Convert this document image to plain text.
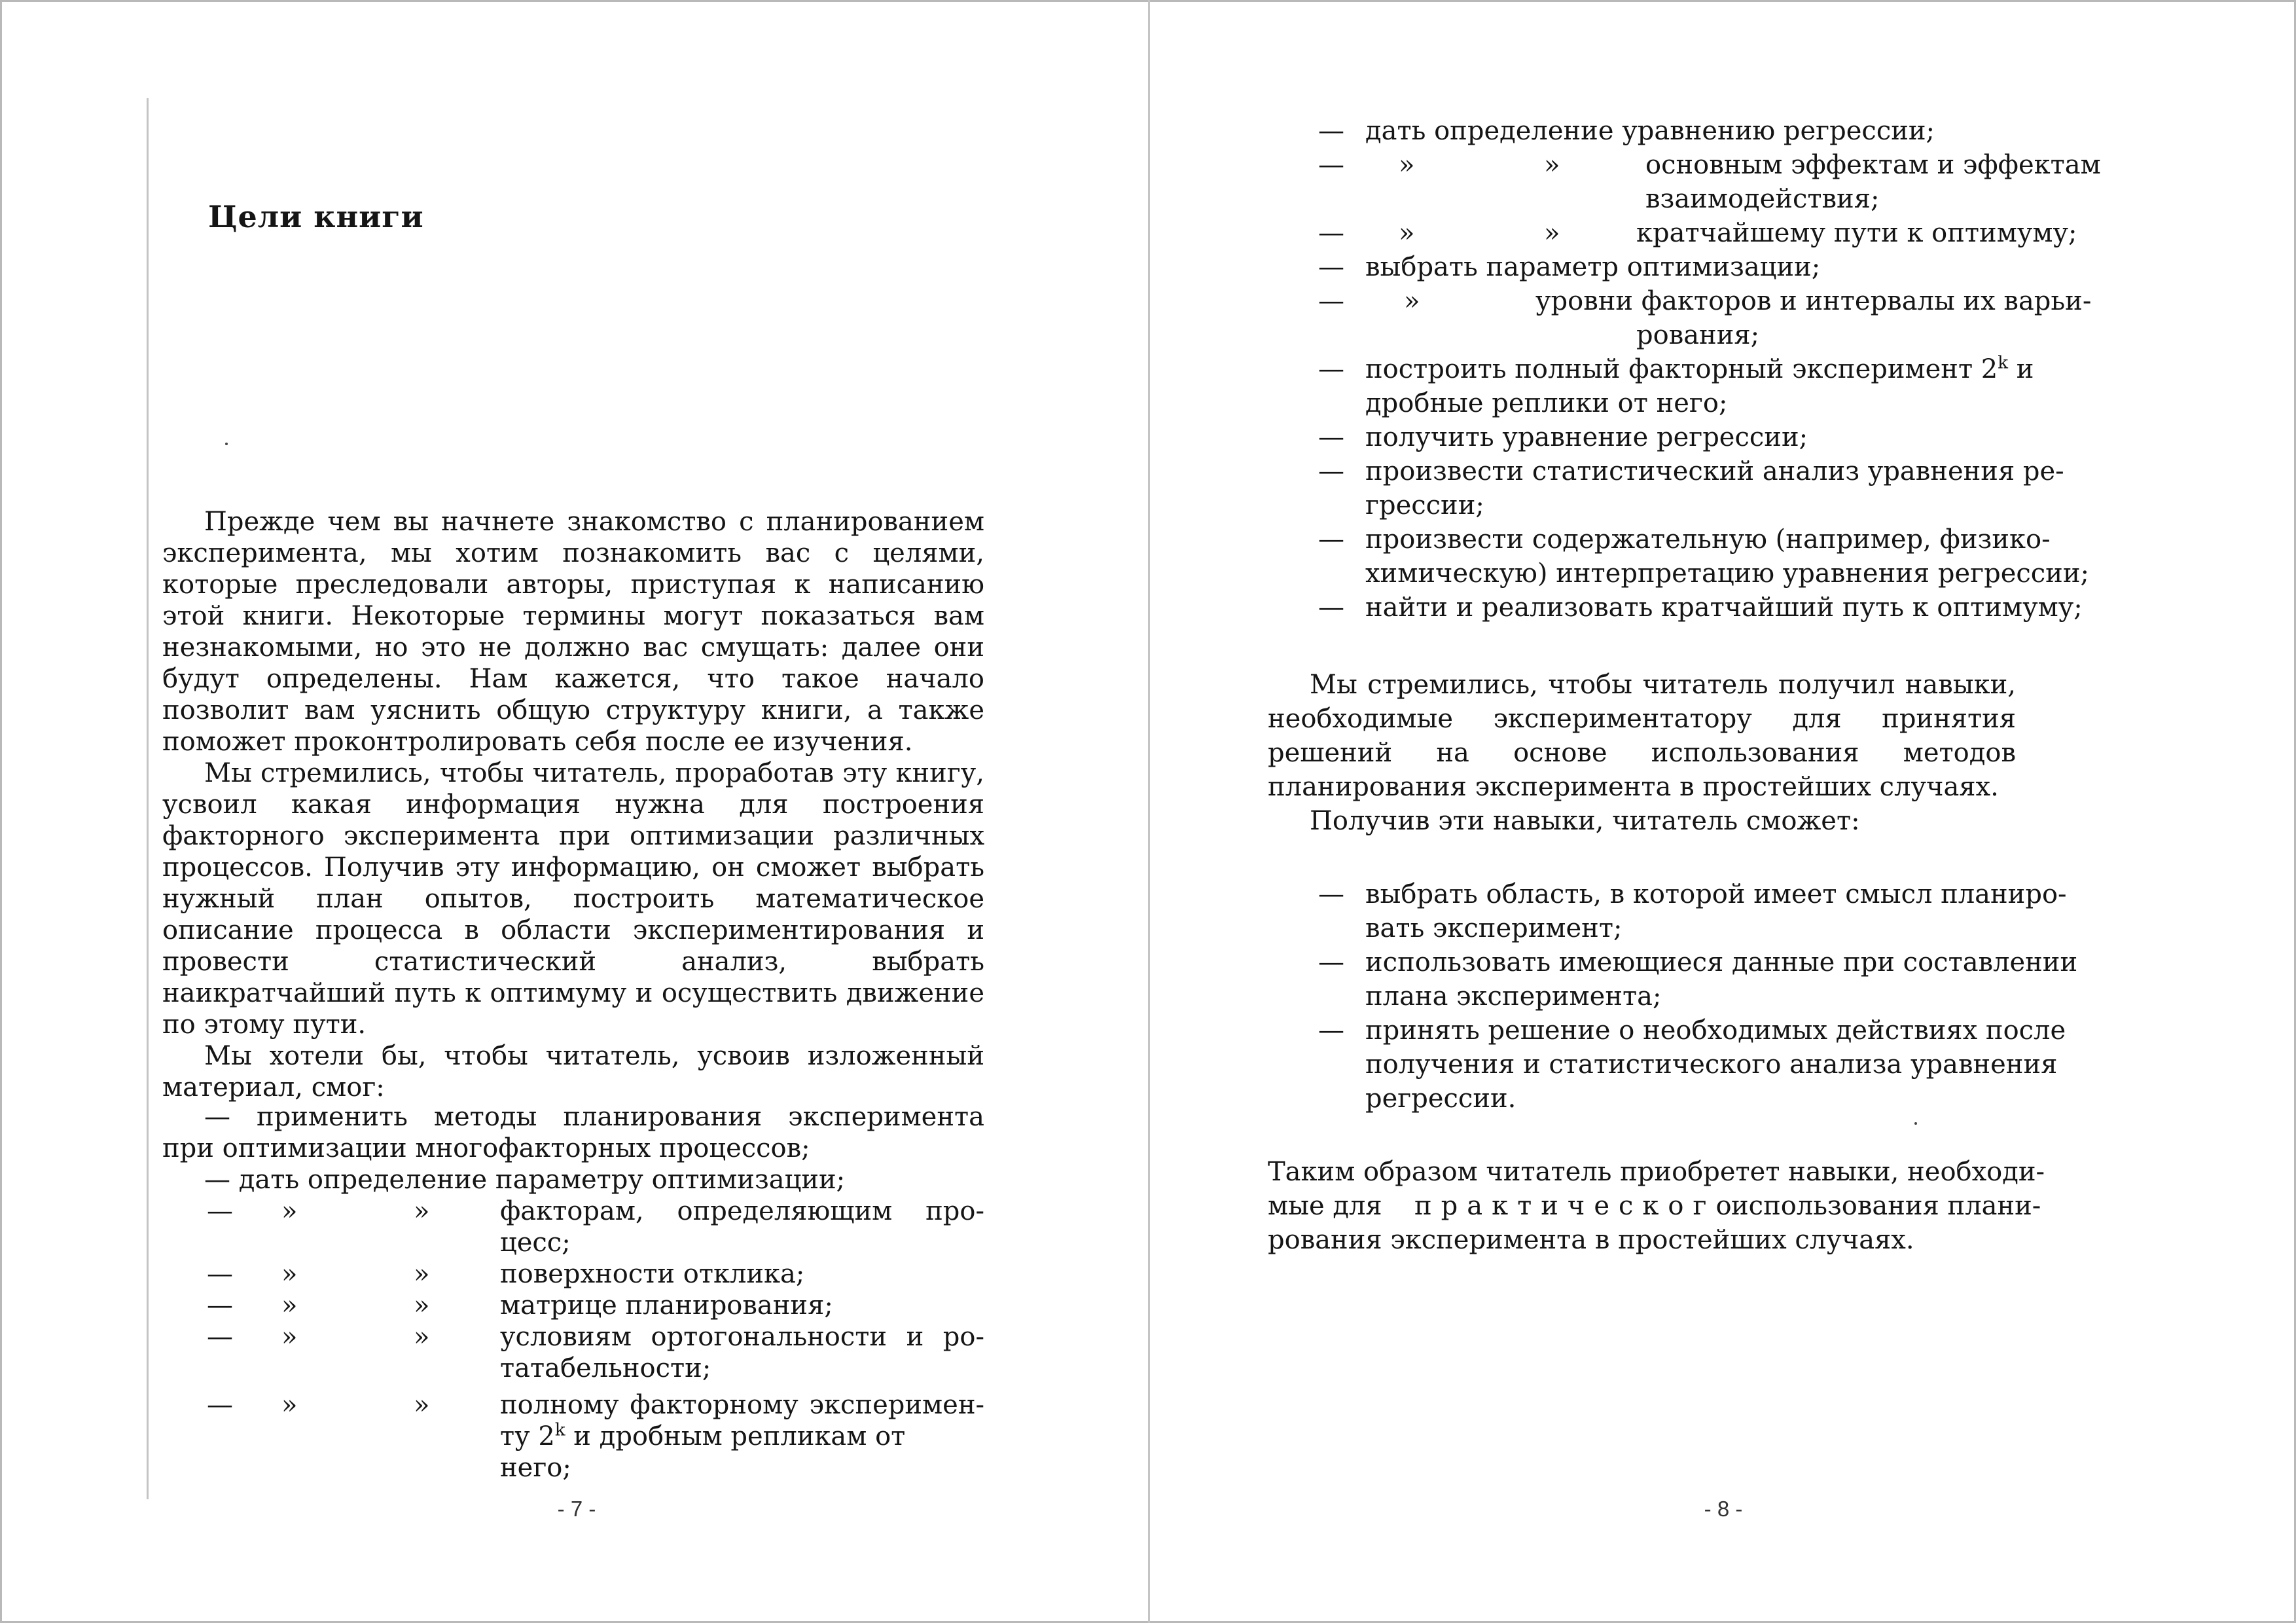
Цели книги

Прежде чем вы начнете знакомство с планированием эксперимента, мы хотим познакомить вас с целями, которые преследовали авторы, приступая к написанию этой книги. Некоторые термины могут показаться вам незнакомыми, но это не должно вас смущать: далее они будут определены. Нам кажется, что такое начало позволит вам уяснить общую структуру книги, а также поможет проконтролировать себя после ее изучения.

Мы стремились, чтобы читатель, проработав эту книгу, усвоил какая информация нужна для построения факторного эксперимента при оптимизации различных процессов. Получив эту информацию, он сможет выбрать нужный план опытов, построить математическое описание процесса в области экспериментирования и провести статистический анализ, выбрать наикратчайший путь к оптимуму и осуществить движение по этому пути.

Мы хотели бы, чтобы читатель, усвоив изложенный материал, смог:

— применить методы планирования эксперимента
при оптимизации многофакторных процессов;
— дать определение параметру оптимизации;
— »	»	факторам, определяющим про-
цесс;
— »	»	поверхности отклика;
— »	»	матрице планирования;
— »	»	условиям ортогональности и ро-
татабельности;
— »	»	полному факторному эксперимен-
ту 2$^k$ и дробным репликам от
него;
- 7 -
— дать определение уравнению регрессии;
— »	»	основным эффектам и эффектам
взаимодействия;
— »	»	кратчайшему пути к оптимуму;
— выбрать параметр оптимизации;
— »	уровни факторов и интервалы их варьи-
рования;
— построить полный факторный эксперимент 2$^k$ и
дробные реплики от него;
— получить уравнение регрессии;
— произвести статистический анализ уравнения ре-
грессии;
— произвести содержательную (например, физико-
химическую) интерпретацию уравнения регрессии;
— найти и реализовать кратчайший путь к оптимуму;

Мы стремились, чтобы читатель получил навыки, необходимые экспериментатору для принятия решений на основе использования методов планирования эксперимента в простейших случаях.

Получив эти навыки, читатель сможет:

— выбрать область, в которой имеет смысл планиро-
вать эксперимент;
— использовать имеющиеся данные при составлении
плана эксперимента;
— принять решение о необходимых действиях после
получения и статистического анализа уравнения
регрессии.
Таким образом читатель приобретет навыки, необходи-
мые для практического
использования плани-
рования эксперимента в простейших случаях.
- 8 -
